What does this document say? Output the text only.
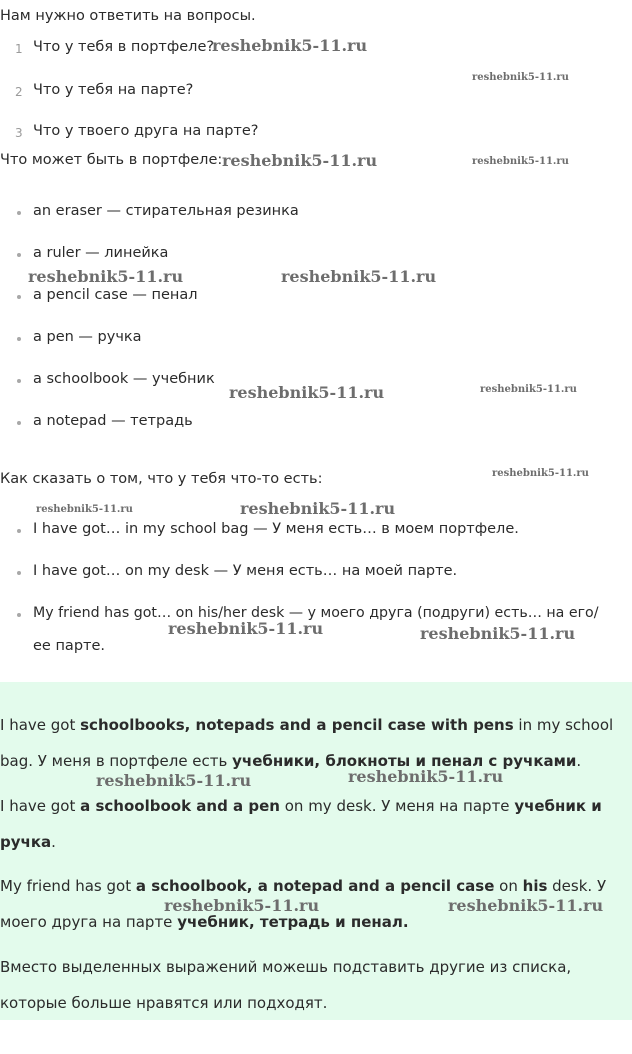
Нам нужно ответить на вопросы.
1 Что у тебя в портфеле?
2 Что у тебя на парте?
3 Что у твоего друга на парте?
Что может быть в портфеле:
an eraser — стирательная резинка
a ruler — линейка
a pencil case — пенал
a pen — ручка
a schoolbook — учебник
a notepad — тетрадь
Как сказать о том, что у тебя что-то есть:
I have got… in my school bag — У меня есть… в моем портфеле.
I have got… on my desk — У меня есть… на моей парте.
My friend has got… on his/her desk — у моего друга (подруги) есть… на его/
ее парте.
I have got schoolbooks, notepads and a pencil case with pens in my school
bag. У меня в портфеле есть учебники, блокноты и пенал с ручками.
I have got a schoolbook and a pen on my desk. У меня на парте учебник и
ручка.
My friend has got a schoolbook, a notepad and a pencil case on his desk. У
моего друга на парте учебник, тетрадь и пенал.
Вместо выделенных выражений можешь подставить другие из списка,
которые больше нравятся или подходят.
reshebnik5-11.ru
reshebnik5-11.ru
reshebnik5-11.ru	reshebnik5-11.ru
reshebnik5-11.ru	reshebnik5-11.ru
reshebnik5-11.ru	reshebnik5-11.ru
reshebnik5-11.ru
reshebnik5-11.ru	reshebnik5-11.ru
reshebnik5-11.ru	reshebnik5-11.ru
reshebnik5-11.ru	reshebnik5-11.ru
reshebnik5-11.ru	reshebnik5-11.ru
